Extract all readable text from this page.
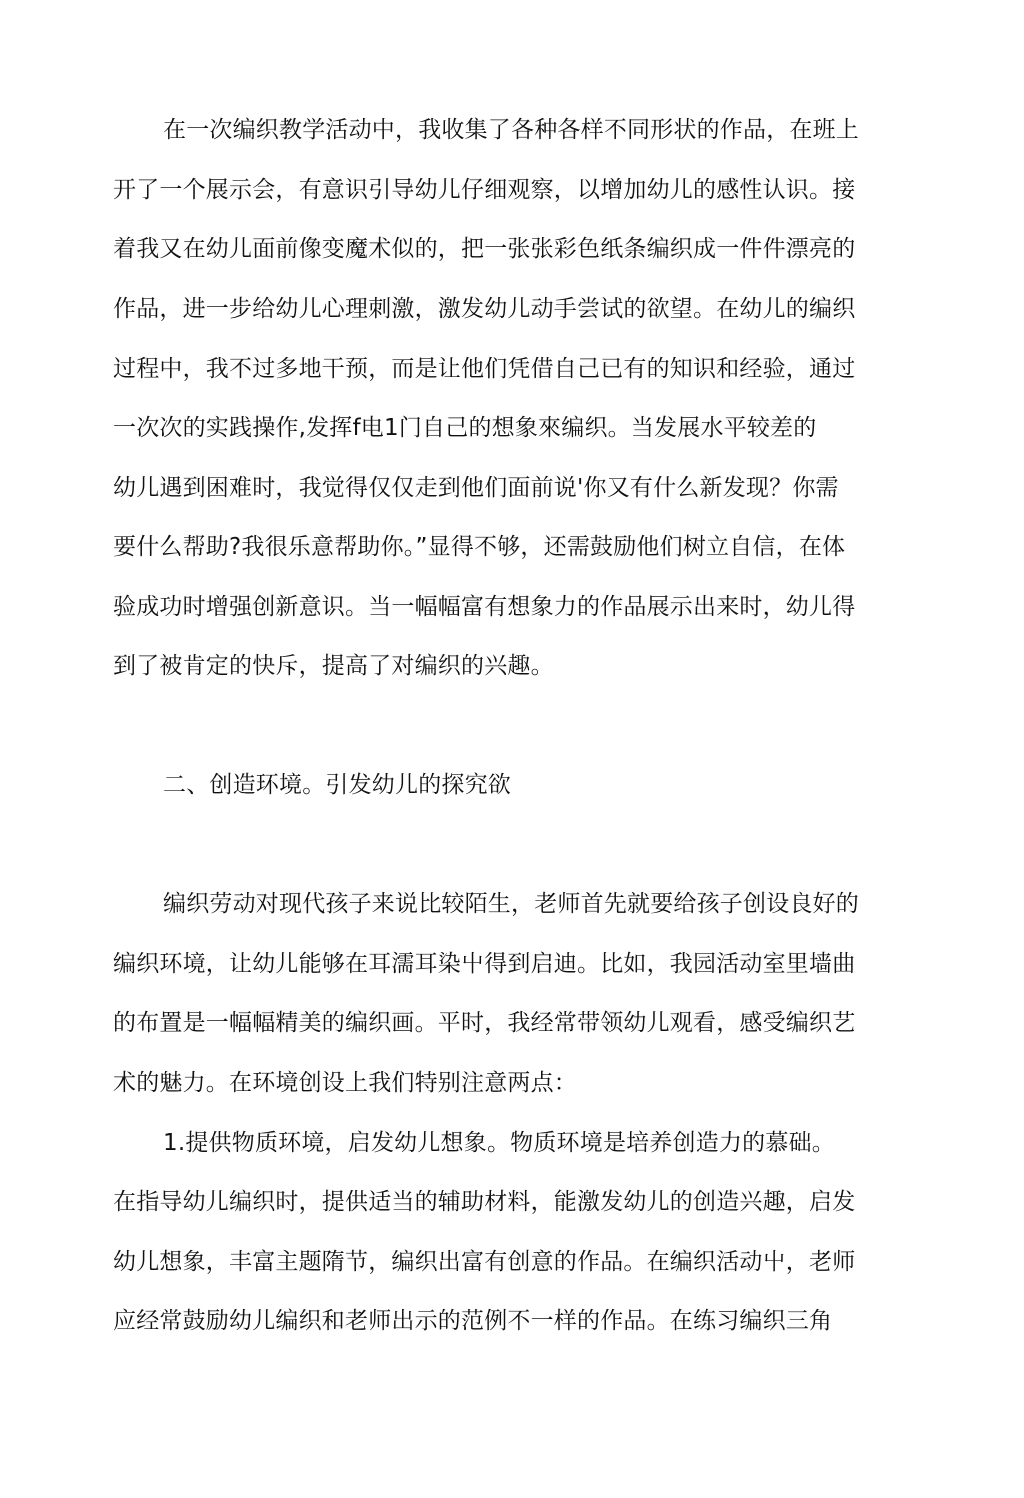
在一次编织教学活动中，我收集了各种各样不同形状的作品，在班上
开了一个展示会，有意识引导幼儿仔细观察，以增加幼儿的感性认识。接
着我又在幼儿面前像变魔术似的，把一张张彩色纸条编织成一件件漂亮的
作品，进一步给幼儿心理刺激，激发幼儿动手尝试的欲望。在幼儿的编织
过程中，我不过多地干预，而是让他们凭借自己已有的知识和经验，通过
一次次的实践操作,发挥f电1门自己的想象來编织。当发展水平较差的
幼儿遇到困难时，我觉得仅仅走到他们面前说'你又有什么新发现？你需
要什么帮助?我很乐意帮助你。”显得不够，还需鼓励他们树立自信，在体
验成功时增强创新意识。当一幅幅富有想象力的作品展示出来时，幼儿得
到了被肯定的快斥，提高了对编织的兴趣。
二、创造环境。引发幼儿的探究欲
编织劳动对现代孩子来说比较陌生，老师首先就要给孩子创设良好的
编织环境，让幼儿能够在耳濡耳染屮得到启迪。比如，我园活动室里墙曲
的布置是一幅幅精美的编织画。平时，我经常带领幼儿观看，感受编织艺
术的魅力。在环境创设上我们特别注意两点：
1.提供物质环境，启发幼儿想象。物质环境是培养创造力的慕础。
在指导幼儿编织时，提供适当的辅助材料，能激发幼儿的创造兴趣，启发
幼儿想象，丰富主题隋节，编织出富有创意的作品。在编织活动屮，老师
应经常鼓励幼儿编织和老师出示的范例不一样的作品。在练习编织三角
